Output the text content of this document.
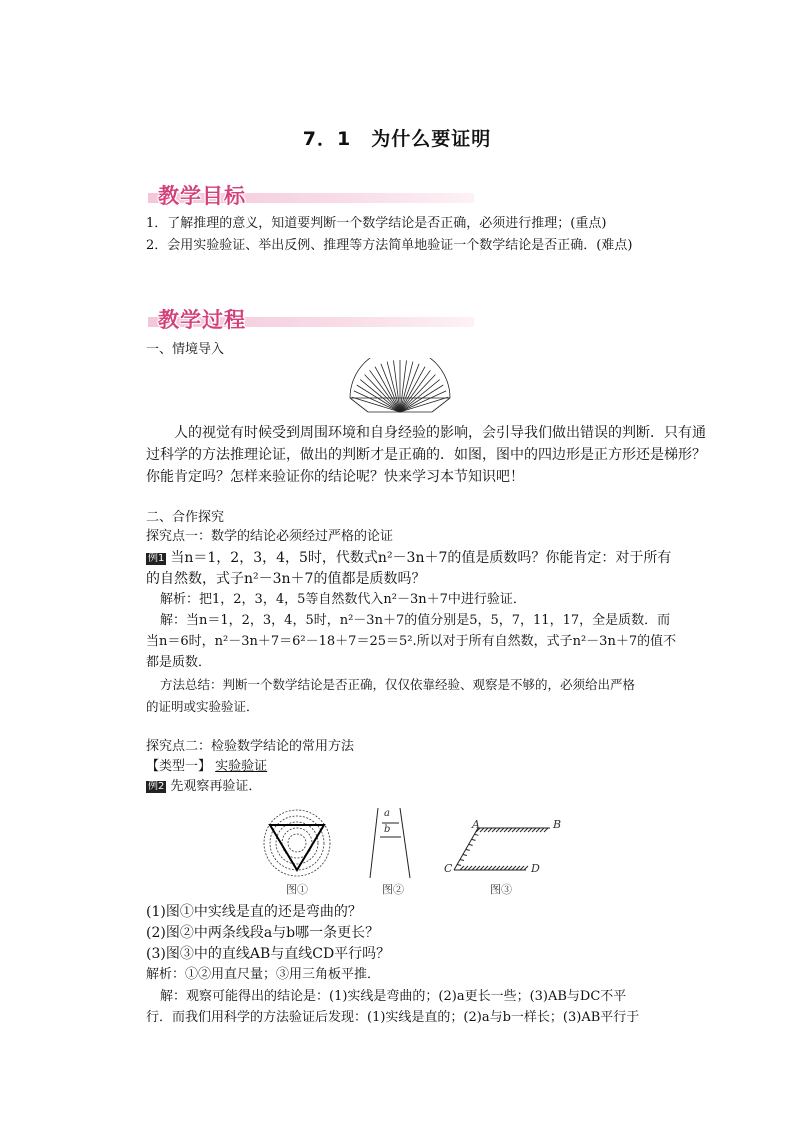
7．1　为什么要证明
教学目标
1．了解推理的意义，知道要判断一个数学结论是否正确，必须进行推理；(重点)
2．会用实验验证、举出反例、推理等方法简单地验证一个数学结论是否正确．(难点)
教学过程
一、情境导入
　　人的视觉有时候受到周围环境和自身经验的影响，会引导我们做出错误的判断．只有通
过科学的方法推理论证，做出的判断才是正确的．如图，图中的四边形是正方形还是梯形？
你能肯定吗？怎样来验证你的结论呢？快来学习本节知识吧！
二、合作探究
探究点一：数学的结论必须经过严格的论证
例1 当n＝1，2，3，4，5时，代数式n²－3n＋7的值是质数吗？你能肯定：对于所有
的自然数，式子n²－3n＋7的值都是质数吗？
解析：把1，2，3，4，5等自然数代入n²－3n＋7中进行验证．
解：当n＝1，2，3，4，5时，n²－3n＋7的值分别是5，5，7，11，17，全是质数．而
当n＝6时，n²－3n＋7＝6²－18＋7＝25＝5².所以对于所有自然数，式子n²－3n＋7的值不
都是质数．
方法总结：判断一个数学结论是否正确，仅仅依靠经验、观察是不够的，必须给出严格
的证明或实验验证．
探究点二：检验数学结论的常用方法
【类型一】 实验验证
例2 先观察再验证．
图①
a
b
图②
A	B
C	D
图③
(1)图①中实线是直的还是弯曲的？
(2)图②中两条线段a与b哪一条更长？
(3)图③中的直线AB与直线CD平行吗？
解析：①②用直尺量；③用三角板平推．
解：观察可能得出的结论是：(1)实线是弯曲的；(2)a更长一些；(3)AB与DC不平
行．而我们用科学的方法验证后发现：(1)实线是直的；(2)a与b一样长；(3)AB平行于
